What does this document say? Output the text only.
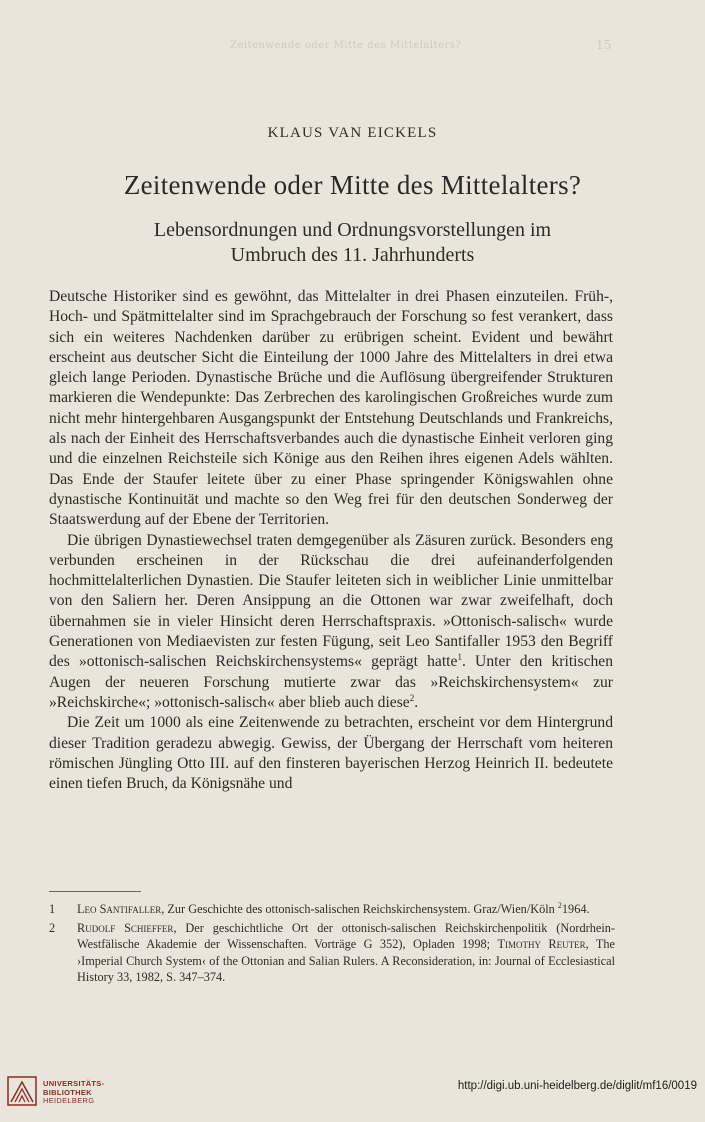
Zeitenwende oder Mitte des Mittelalters?	15
KLAUS VAN EICKELS
Zeitenwende oder Mitte des Mittelalters?
Lebensordnungen und Ordnungsvorstellungen im
Umbruch des 11. Jahrhunderts

Deutsche Historiker sind es gewöhnt, das Mittelalter in drei Phasen einzuteilen. Früh-, Hoch- und Spätmittelalter sind im Sprachgebrauch der Forschung so fest verankert, dass sich ein weiteres Nachdenken darüber zu erübrigen scheint. Evident und bewährt erscheint aus deutscher Sicht die Einteilung der 1000 Jahre des Mittelalters in drei etwa gleich lange Perioden. Dynastische Brüche und die Auflösung übergreifender Strukturen markieren die Wendepunkte: Das Zerbrechen des karolingischen Großreiches wurde zum nicht mehr hintergehbaren Ausgangspunkt der Entstehung Deutschlands und Frankreichs, als nach der Einheit des Herrschaftsverbandes auch die dynastische Einheit verloren ging und die einzelnen Reichsteile sich Könige aus den Reihen ihres eigenen Adels wählten. Das Ende der Staufer leitete über zu einer Phase springender Königswahlen ohne dynastische Kontinuität und machte so den Weg frei für den deutschen Sonderweg der Staatswerdung auf der Ebene der Territorien.

Die übrigen Dynastiewechsel traten demgegenüber als Zäsuren zurück. Besonders eng verbunden erscheinen in der Rückschau die drei aufeinanderfolgenden hochmittelalterlichen Dynastien. Die Staufer leiteten sich in weiblicher Linie unmittelbar von den Saliern her. Deren Ansippung an die Ottonen war zwar zweifelhaft, doch übernahmen sie in vieler Hinsicht deren Herrschaftspraxis. »Ottonisch-salisch« wurde Generationen von Mediaevisten zur festen Fügung, seit Leo Santifaller 1953 den Begriff des »ottonisch-salischen Reichskirchensystems« geprägt hatte$^1$. Unter den kritischen Augen der neueren Forschung mutierte zwar das »Reichskirchensystem« zur »Reichskirche«; »ottonisch-salisch« aber blieb auch diese$^2$.

Die Zeit um 1000 als eine Zeitenwende zu betrachten, erscheint vor dem Hintergrund dieser Tradition geradezu abwegig. Gewiss, der Übergang der Herrschaft vom heiteren römischen Jüngling Otto III. auf den finsteren bayerischen Herzog Heinrich II. bedeutete einen tiefen Bruch, da Königsnähe und

1	Leo Santifaller, Zur Geschichte des ottonisch-salischen Reichskirchensystem. Graz/Wien/Köln $^2$1964.
2	Rudolf Schieffer, Der geschichtliche Ort der ottonisch-salischen Reichskirchenpolitik (Nordrhein-Westfälische Akademie der Wissenschaften. Vorträge G 352), Opladen 1998; Timothy Reuter, The ›Imperial Church System‹ of the Ottonian and Salian Rulers. A Reconsideration, in: Journal of Ecclesiastical History 33, 1982, S. 347–374.
UNIVERSITÄTS-
BIBLIOTHEK
HEIDELBERG
http://digi.ub.uni-heidelberg.de/diglit/mf16/0019
